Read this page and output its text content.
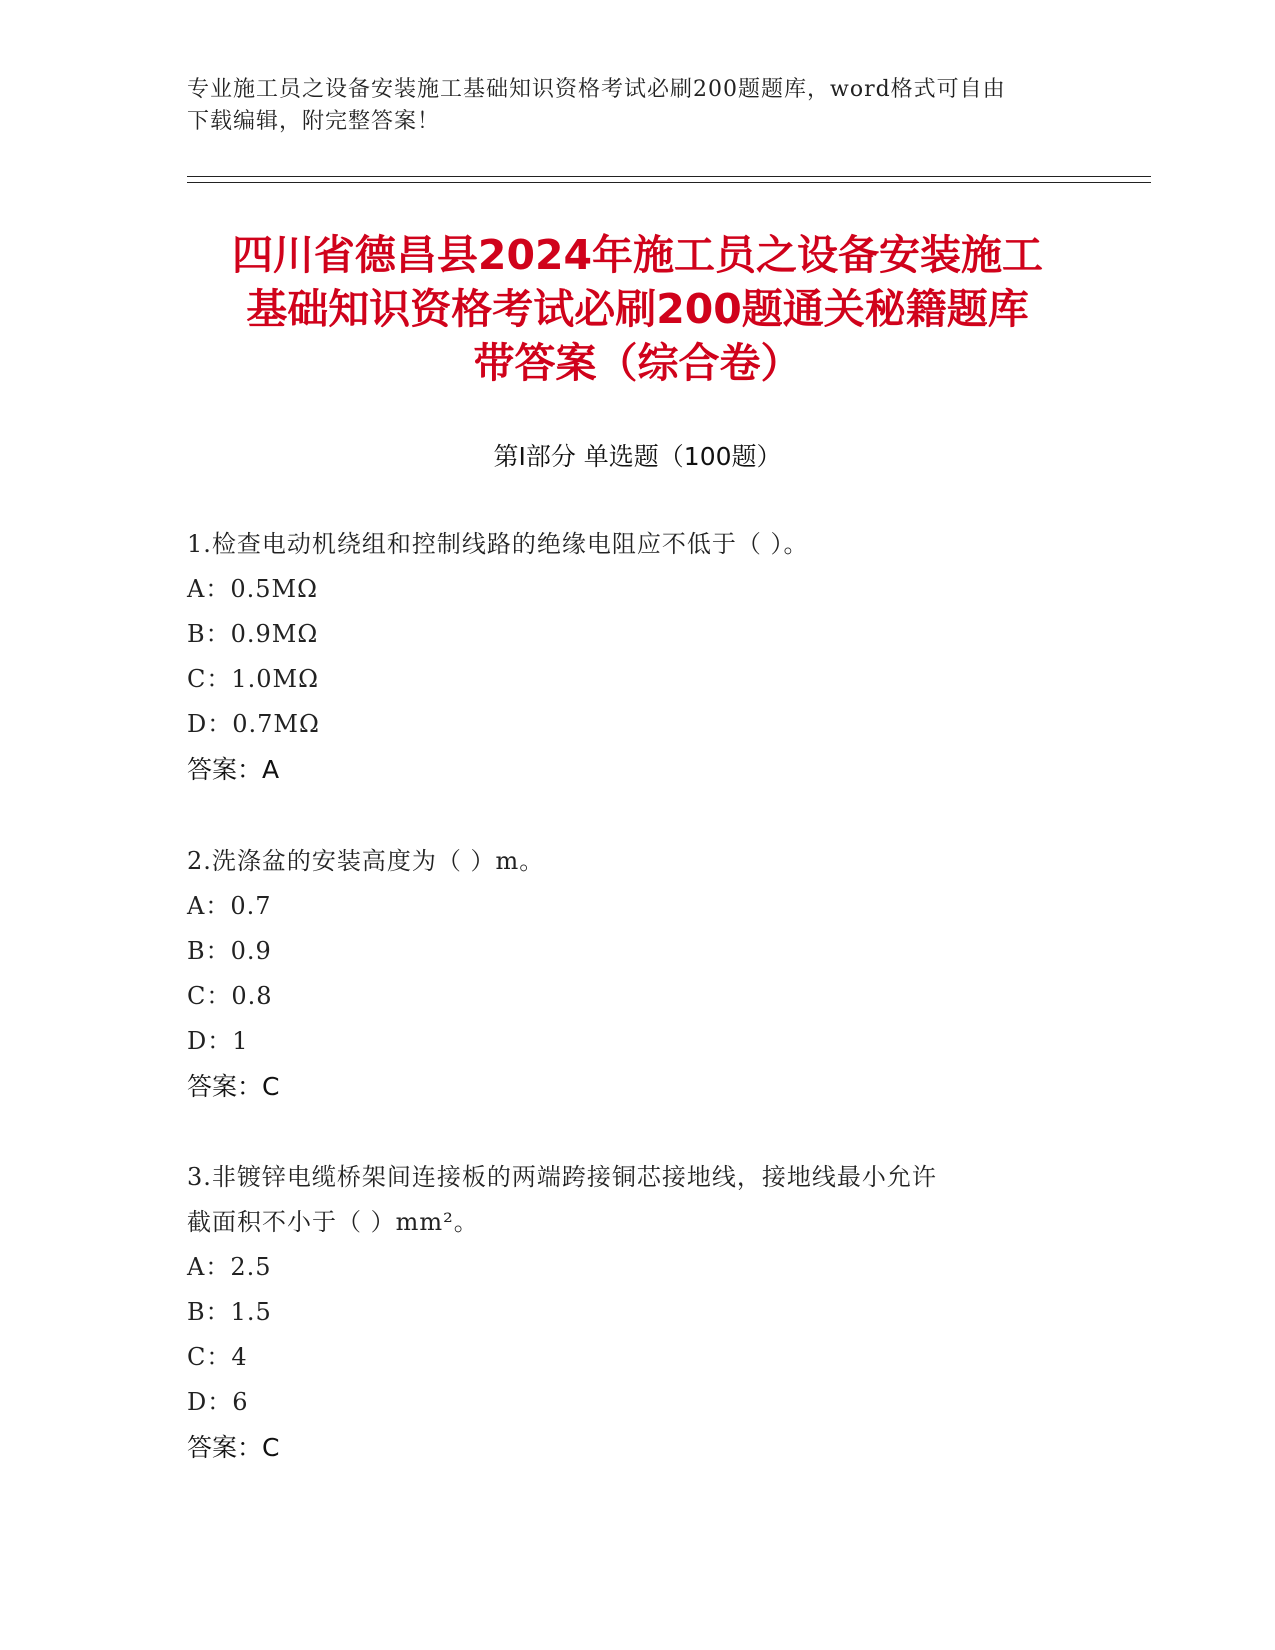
专业施工员之设备安装施工基础知识资格考试必刷200题题库，word格式可自由
下载编辑，附完整答案！
四川省德昌县2024年施工员之设备安装施工
基础知识资格考试必刷200题通关秘籍题库
带答案（综合卷）
第Ⅰ部分 单选题（100题）
1.检查电动机绕组和控制线路的绝缘电阻应不低于（ ）。
A：0.5MΩ
B：0.9MΩ
C：1.0MΩ
D：0.7MΩ
答案：A
2.洗涤盆的安装高度为（ ）m。
A：0.7
B：0.9
C：0.8
D：1
答案：C
3.非镀锌电缆桥架间连接板的两端跨接铜芯接地线，接地线最小允许
截面积不小于（ ）mm²。
A：2.5
B：1.5
C：4
D：6
答案：C
